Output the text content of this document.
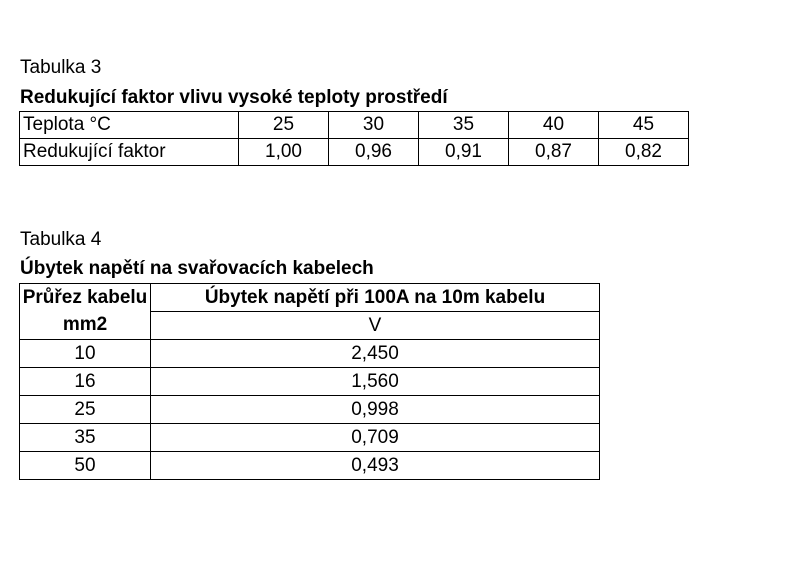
Tabulka 3
Redukující faktor vlivu vysoké teploty prostředí
Teplota °C	25	30	35	40	45
Redukující faktor	1,00	0,96	0,91	0,87	0,82
Tabulka 4
Úbytek napětí na svařovacích kabelech
Průřez kabelu	Úbytek napětí při 100A na 10m kabelu
mm2	V
10	2,450
16	1,560
25	0,998
35	0,709
50	0,493
